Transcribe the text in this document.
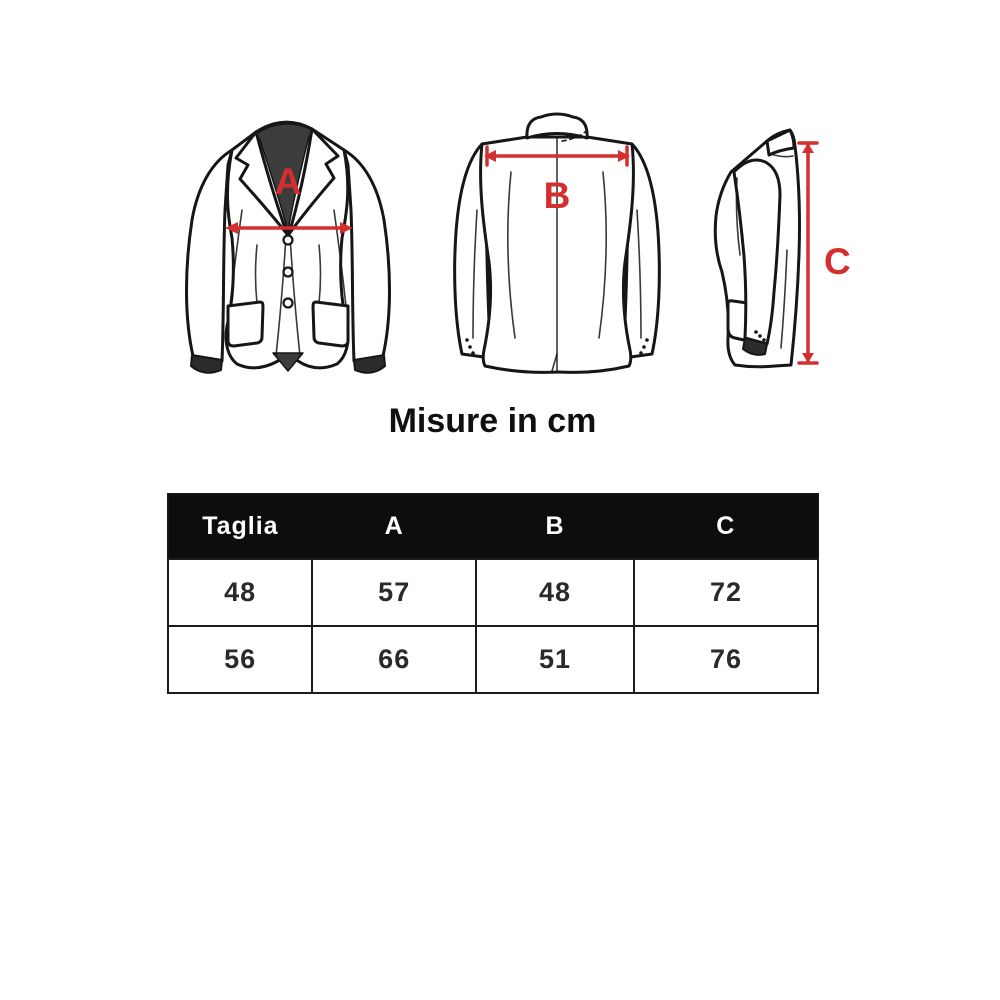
A	B
C
Misure in cm
Taglia	A	B	C
48	57	48	72
56	66	51	76
